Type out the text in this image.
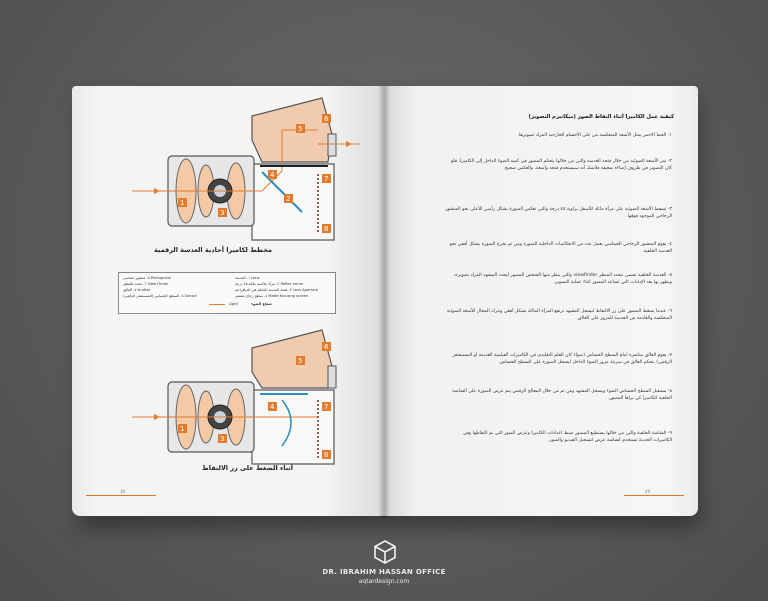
1	2
3
4
5
6
7
8
مخطط لكاميرا أحادية العدسة الرقمية
١- العدسة Lens
٢- مرآة عاكسة مائلة ٤٥ درجة Reflex mirror
٣- فتحة العدسة التحكم في الديافراجم Lens Aperture
٤- سطح زجاج مصنفر Matte focusing screen
٥- منشور خماسي Pentaprism
٦- محدد المنظر View Finder
٧- الغالق shutter
٨- السطح الحساس (المستشعر الرقمي) Sensor
Light	شعاع الضوء
1
3
4
5
6
7
8
أثناء الضغط على زر الالتقاط
30
كيفية عمل الكاميرا أثناء التقاط الصور (ميكانيزم التصوير)
١- الخط الاحمر يمثل الأشعة المنعكسة من على الأجسام الخارجية المراد تصويرها.
٢- تمر الأشعة الضوئية من خلال فتحة العدسة والتي من خلالها يتحكم المصور في كمية الضوء الداخل إلى الكاميرا، فلو كان التصوير في ظروف إضاءة ضعيفة فلاشك أنه سيستخدم فتحة واسعة، والعكس صحيح.
٣- تسقط الأشعة الضوئية على مرآة مائلة للأسفل بزاوية ٤٥ درجة والتي تعكس الصورة بشكل رأسي للأعلى نحو المنشور الزجاجي الموجود فوقها.
٤- يقوم المنشور الزجاجي الخماسي بعمل عدد من الانعكاسات الداخلية للصورة ومن ثم يخرج الصورة بشكل أفقي نحو العدسة الخلفية.
٥- العدسة الخلفية تسمى محدد المنظر viewfinder والتي ينظر منها الشخص المصور ليحدد المشهد المراد تصويره، ويظهر بها بعد الإدادات التي تساعد المصور أثناء عملية التصوير.
٦- عندما يضغط المصور على زر الالتقاط ليسجل المشهد ترتفع المرآة المائلة بشكل أفقي وتترك المجال للأشعة الضوئية المنعكسة والقادمة من العدسة للمرور على الغالق.
٧- يقوم الغالق مباشرة امام السطح الحساس (سواء كان الفلم التقليدي في الكاميرات الفيلمية القديمة أو المستشعر الرقمي) بتحكم الغالق في سرعة مرور الضوء الداخل ليسجل الصورة على السطح الحساس.
٨- يستقبل السطح الحساس الضوء ويسجل المشهد ومن ثم من خلال المعالج الرقمي يتم عرض الصورة على الشاشة الخلفية للكاميرا كي يراها المصور.
٩- الشاشة الخلفية والتي من خلالها يستطيع المصور ضبط اعدادات الكاميرا وعرض الصور التي تم التقاطها وفي الكاميرات الحديثة تستخدم كشاشة عرض لتسجيل الفيديو والصور.
29
DR. IBRAHIM HASSAN OFFICE
aqtardesign.com
